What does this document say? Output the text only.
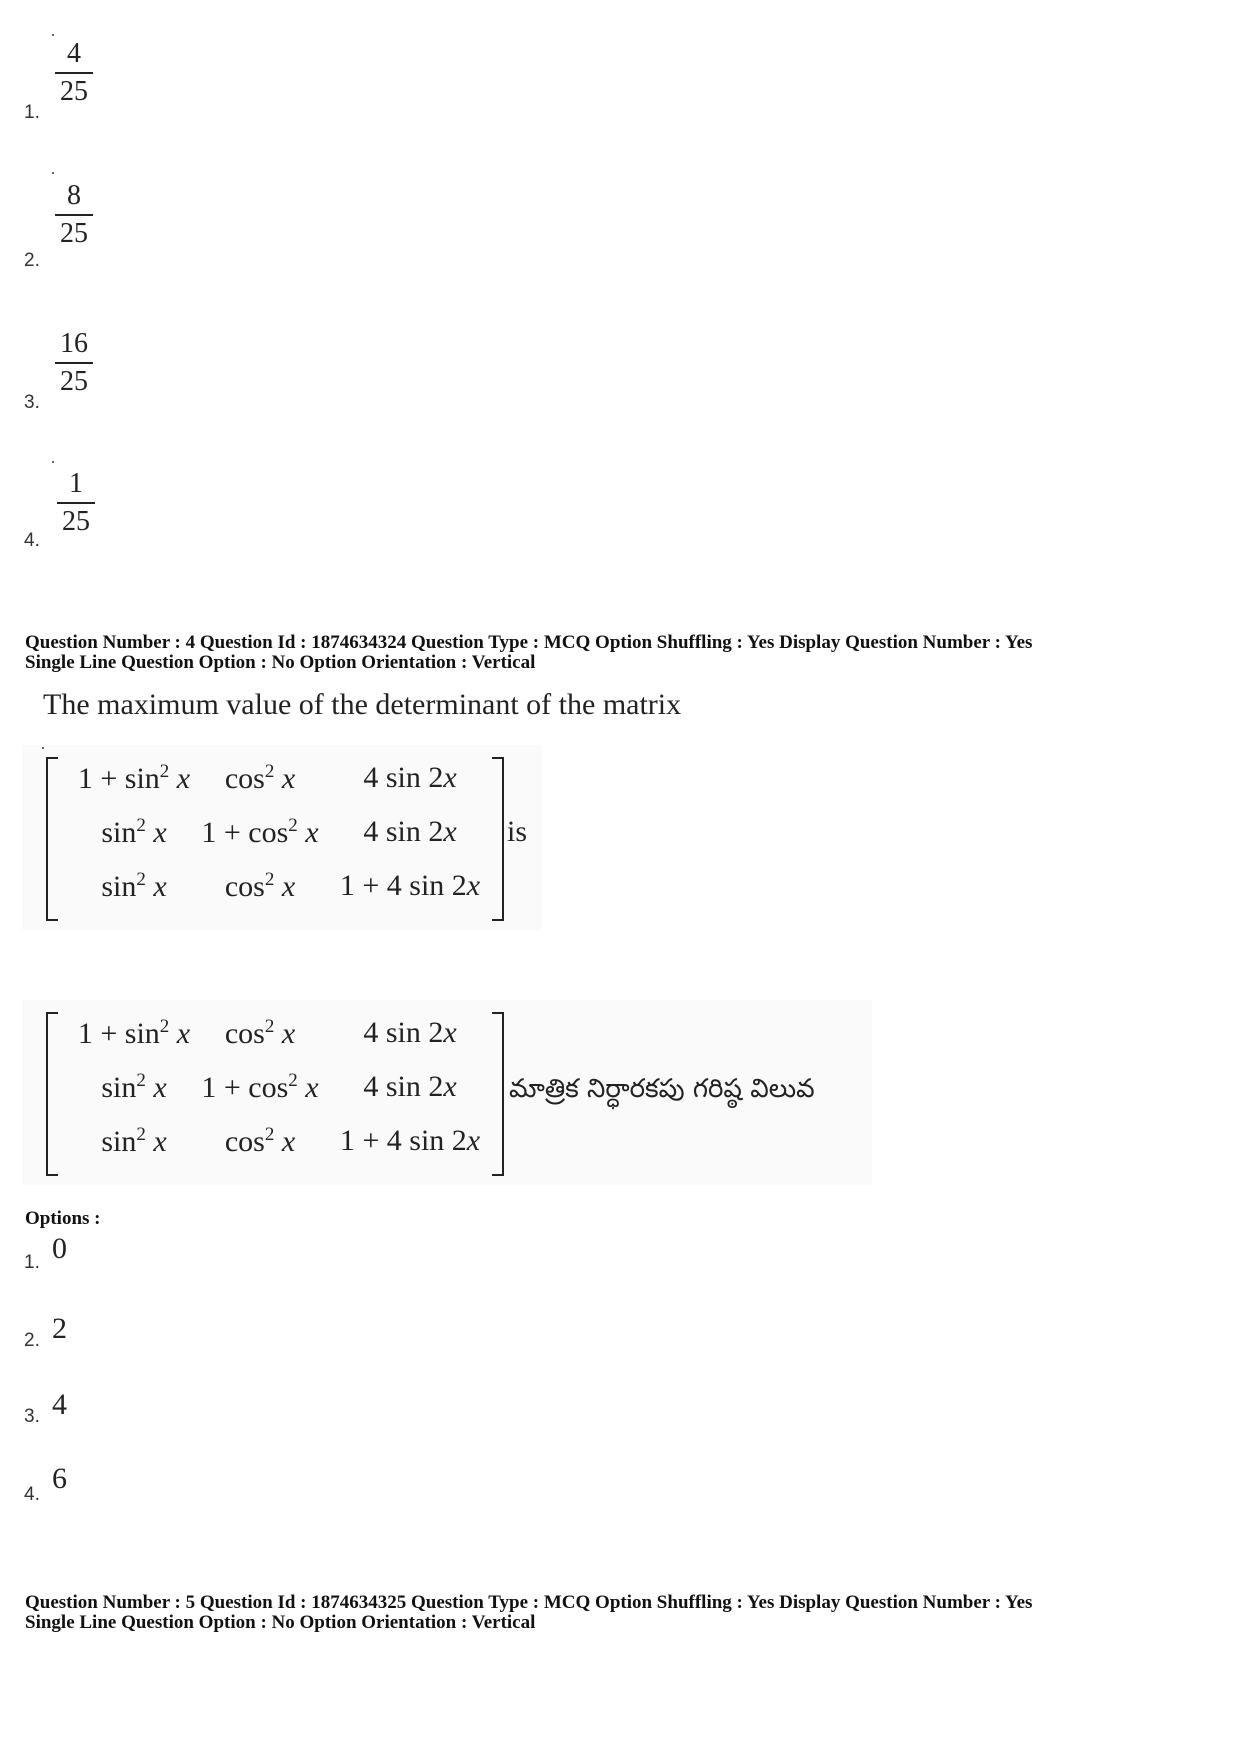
1.
4
25
2.
8
25
3.
16
25
4.
1
25
Question Number : 4 Question Id : 1874634324 Question Type : MCQ Option Shuffling : Yes Display Question Number : Yes
Single Line Question Option : No Option Orientation : Vertical
The maximum value of the determinant of the matrix
$1 + \sin^2 x$ $\cos^2 x$ 4 sin 2x
$\sin^2 x$ $1 + \cos^2 x$ 4 sin 2x
$\sin^2 x$ $\cos^2 x$ 1 + 4 sin 2x
is
$1 + \sin^2 x$ $\cos^2 x$ 4 sin 2x
$\sin^2 x$ $1 + \cos^2 x$ 4 sin 2x
$\sin^2 x$ $\cos^2 x$ 1 + 4 sin 2x
మాత్రిక నిర్ధారకపు గరిష్ఠ విలువ
Options :
1. 0
2. 2
3. 4
4. 6
Question Number : 5 Question Id : 1874634325 Question Type : MCQ Option Shuffling : Yes Display Question Number : Yes
Single Line Question Option : No Option Orientation : Vertical
